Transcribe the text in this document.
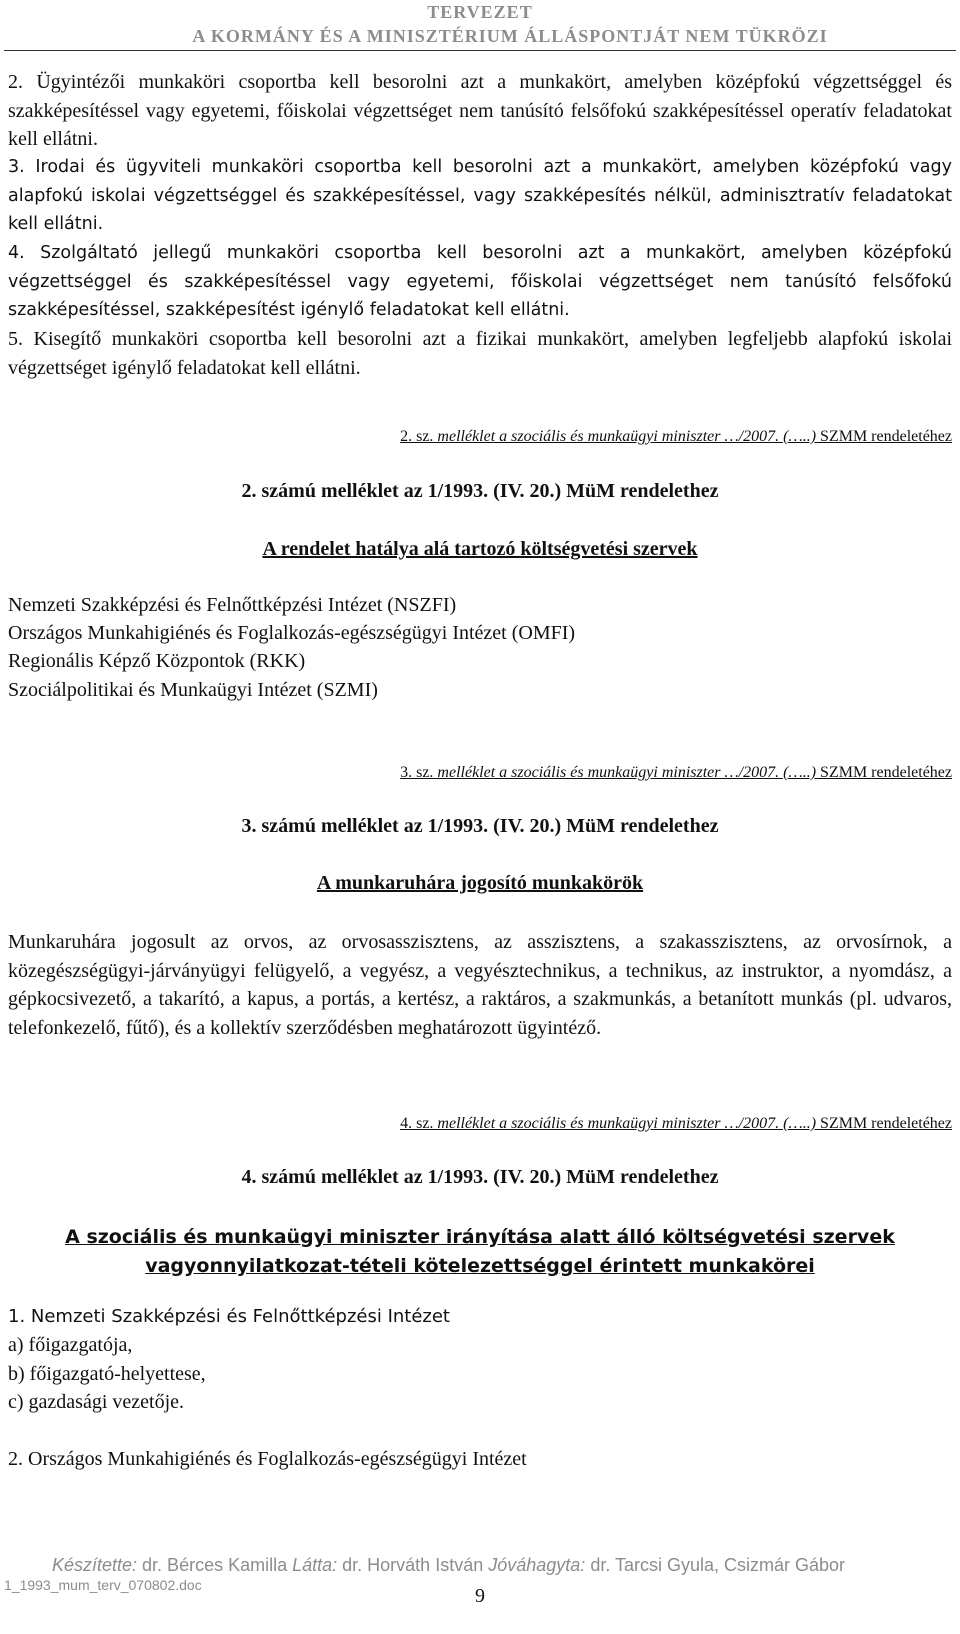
TERVEZET
A KORMÁNY ÉS A MINISZTÉRIUM ÁLLÁSPONTJÁT NEM TÜKRÖZI
2. Ügyintézői munkaköri csoportba kell besorolni azt a munkakört, amelyben középfokú végzettséggel és szakképesítéssel vagy egyetemi, főiskolai végzettséget nem tanúsító felsőfokú szakképesítéssel operatív feladatokat kell ellátni.
3. Irodai és ügyviteli munkaköri csoportba kell besorolni azt a munkakört, amelyben középfokú vagy alapfokú iskolai végzettséggel és szakképesítéssel, vagy szakképesítés nélkül, adminisztratív feladatokat kell ellátni.
4. Szolgáltató jellegű munkaköri csoportba kell besorolni azt a munkakört, amelyben középfokú végzettséggel és szakképesítéssel vagy egyetemi, főiskolai végzettséget nem tanúsító felsőfokú szakképesítéssel, szakképesítést igénylő feladatokat kell ellátni.
5. Kisegítő munkaköri csoportba kell besorolni azt a fizikai munkakört, amelyben legfeljebb alapfokú iskolai végzettséget igénylő feladatokat kell ellátni.
2. sz. melléklet a szociális és munkaügyi miniszter …/2007. (…..) SZMM rendeletéhez
2. számú melléklet az 1/1993. (IV. 20.) MüM rendelethez
A rendelet hatálya alá tartozó költségvetési szervek
Nemzeti Szakképzési és Felnőttképzési Intézet (NSZFI)
Országos Munkahigiénés és Foglalkozás-egészségügyi Intézet (OMFI)
Regionális Képző Központok (RKK)
Szociálpolitikai és Munkaügyi Intézet (SZMI)
3. sz. melléklet a szociális és munkaügyi miniszter …/2007. (…..) SZMM rendeletéhez
3. számú melléklet az 1/1993. (IV. 20.) MüM rendelethez
A munkaruhára jogosító munkakörök
Munkaruhára jogosult az orvos, az orvosasszisztens, az asszisztens, a szakasszisztens, az orvosírnok, a közegészségügyi-járványügyi felügyelő, a vegyész, a vegyésztechnikus, a technikus, az instruktor, a nyomdász, a gépkocsivezető, a takarító, a kapus, a portás, a kertész, a raktáros, a szakmunkás, a betanított munkás (pl. udvaros, telefonkezelő, fűtő), és a kollektív szerződésben meghatározott ügyintéző.
4. sz. melléklet a szociális és munkaügyi miniszter …/2007. (…..) SZMM rendeletéhez
4. számú melléklet az 1/1993. (IV. 20.) MüM rendelethez
A szociális és munkaügyi miniszter irányítása alatt álló költségvetési szervek
vagyonnyilatkozat-tételi kötelezettséggel érintett munkakörei
1. Nemzeti Szakképzési és Felnőttképzési Intézet
a) főigazgatója,
b) főigazgató-helyettese,
c) gazdasági vezetője.
2. Országos Munkahigiénés és Foglalkozás-egészségügyi Intézet
Készítette: dr. Bérces Kamilla Látta: dr. Horváth István Jóváhagyta: dr. Tarcsi Gyula, Csizmár Gábor
1_1993_mum_terv_070802.doc	9
